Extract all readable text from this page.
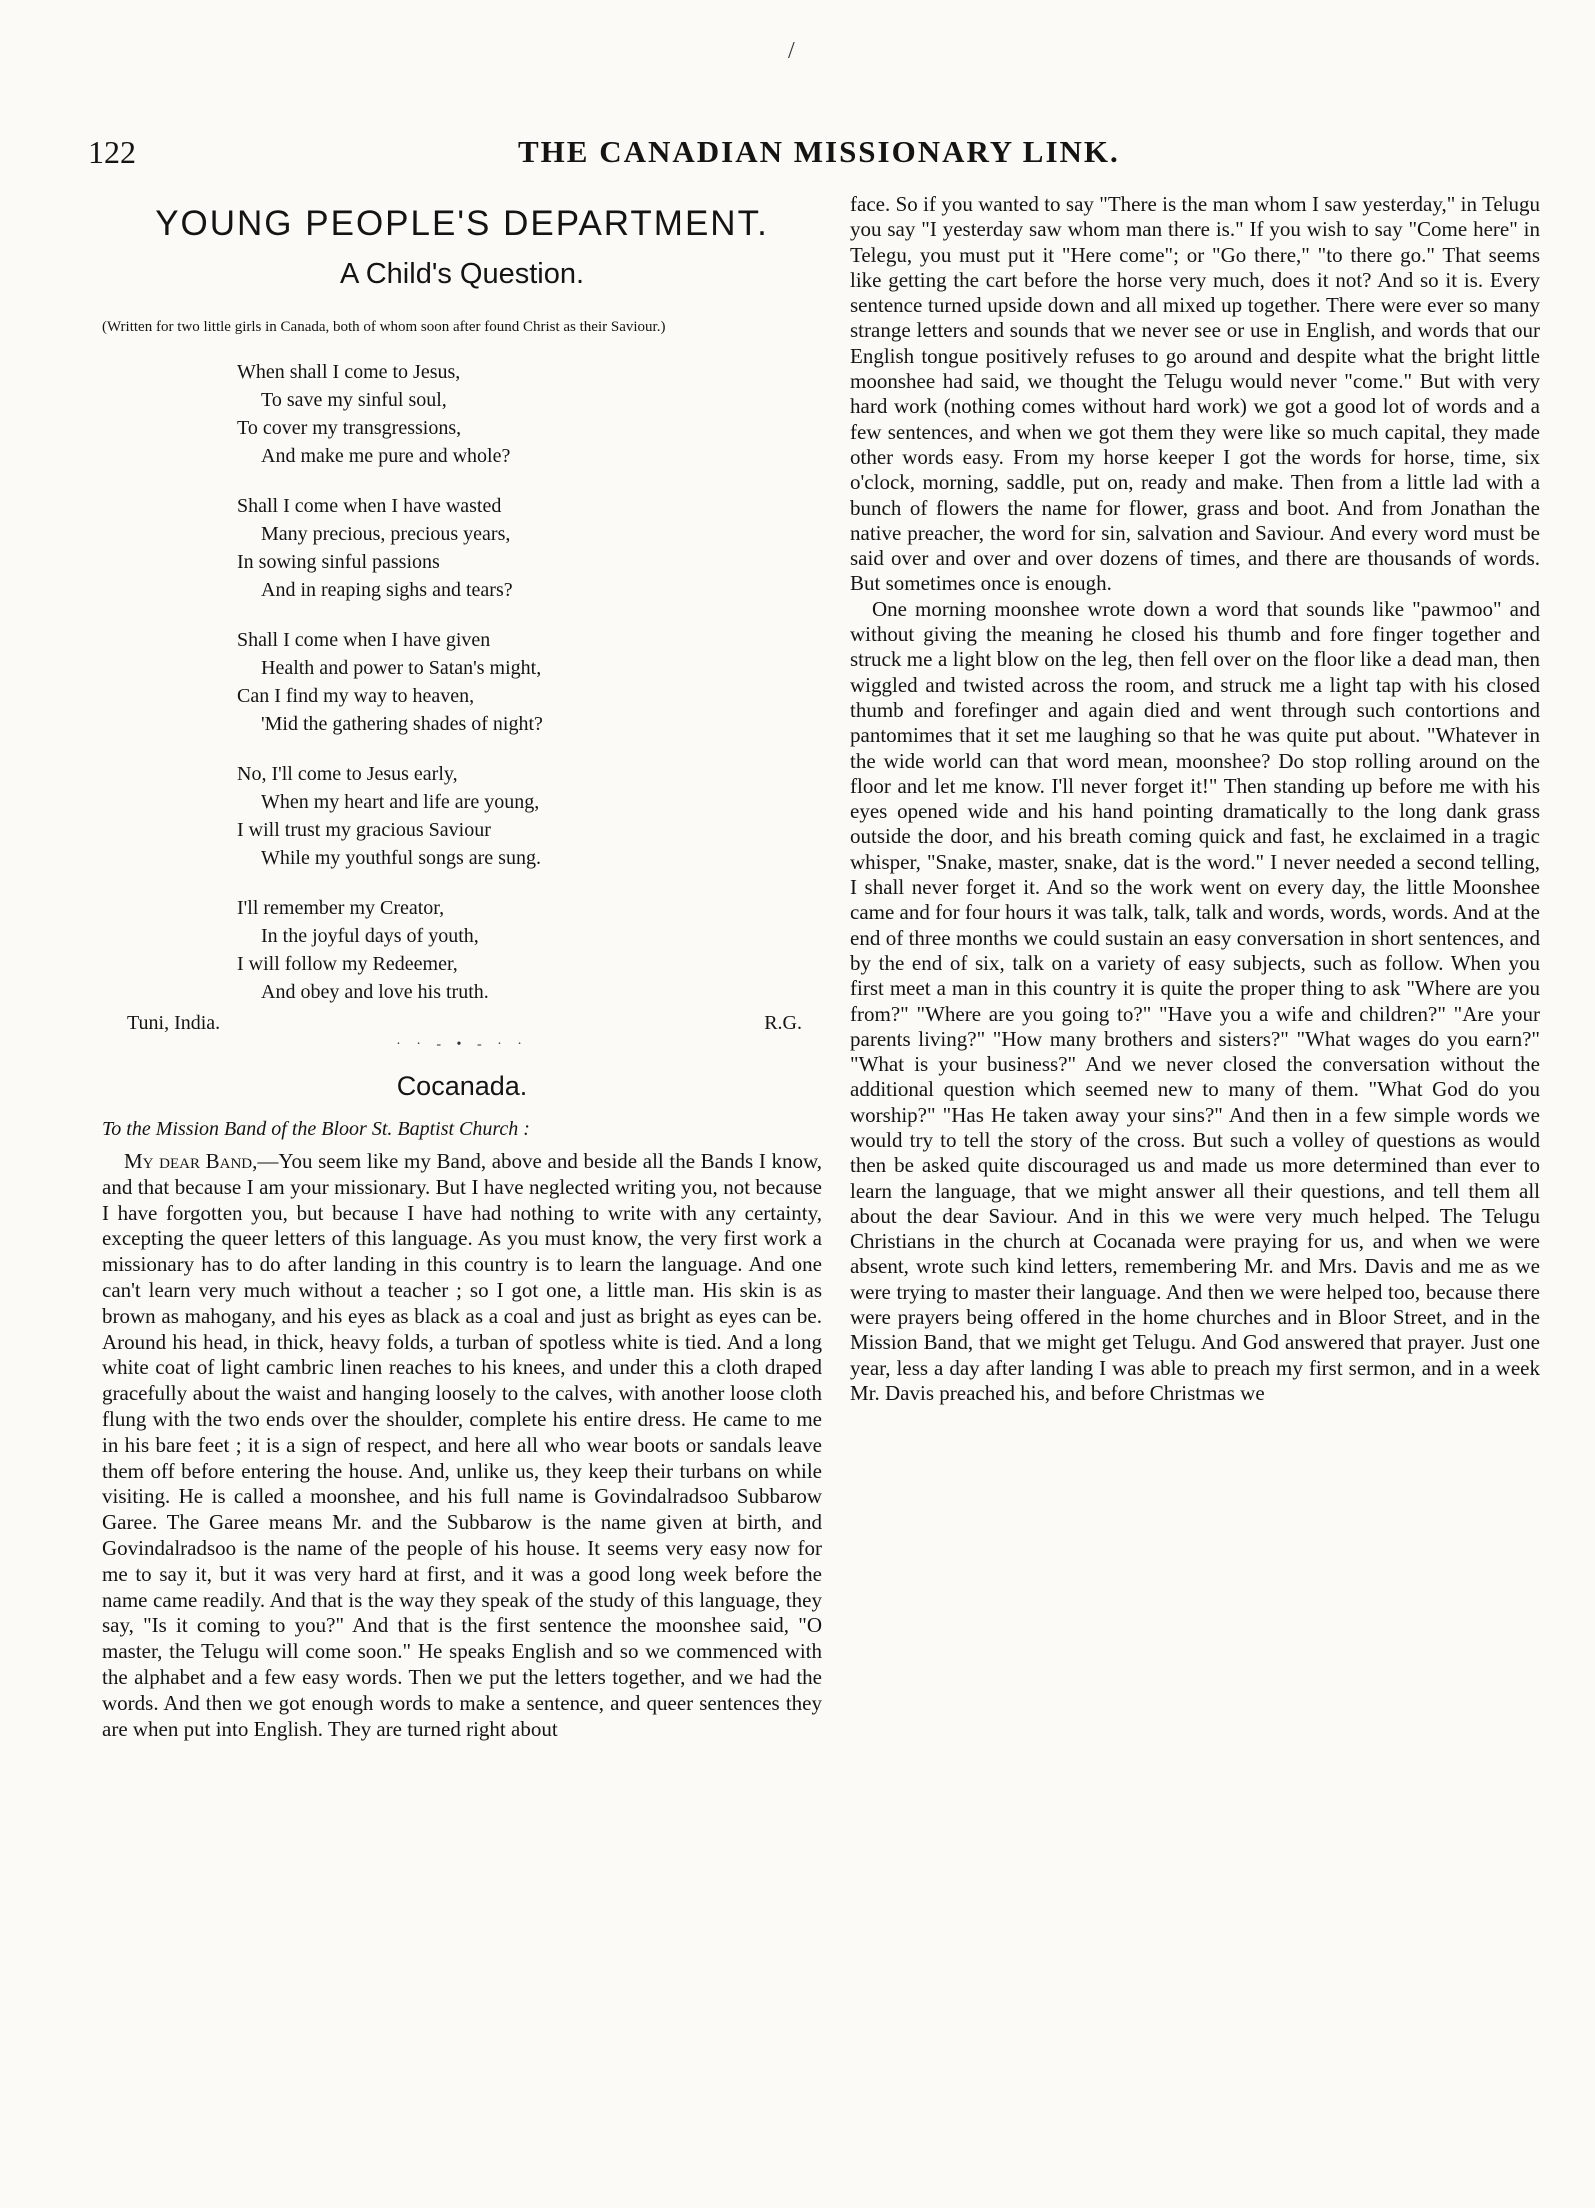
/
122	THE CANADIAN MISSIONARY LINK.
YOUNG PEOPLE'S DEPARTMENT.
A Child's Question.

(Written for two little girls in Canada, both of whom soon after found Christ as their Saviour.)

When shall I come to Jesus,

To save my sinful soul,

To cover my transgressions,

And make me pure and whole?

Shall I come when I have wasted

Many precious, precious years,

In sowing sinful passions

And in reaping sighs and tears?

Shall I come when I have given

Health and power to Satan's might,

Can I find my way to heaven,

'Mid the gathering shades of night?

No, I'll come to Jesus early,

When my heart and life are young,

I will trust my gracious Saviour

While my youthful songs are sung.

I'll remember my Creator,

In the joyful days of youth,

I will follow my Redeemer,

And obey and love his truth.

Tuni, India.	R.G.
· · - • - · ·
Cocanada.

To the Mission Band of the Bloor St. Baptist Church :

My dear Band,—You seem like my Band, above and beside all the Bands I know, and that because I am your missionary. But I have neglected writing you, not because I have forgotten you, but because I have had nothing to write with any certainty, excepting the queer letters of this language. As you must know, the very first work a missionary has to do after landing in this country is to learn the language. And one can't learn very much without a teacher ; so I got one, a little man. His skin is as brown as mahogany, and his eyes as black as a coal and just as bright as eyes can be. Around his head, in thick, heavy folds, a turban of spotless white is tied. And a long white coat of light cambric linen reaches to his knees, and under this a cloth draped gracefully about the waist and hanging loosely to the calves, with another loose cloth flung with the two ends over the shoulder, complete his entire dress. He came to me in his bare feet ; it is a sign of respect, and here all who wear boots or sandals leave them off before entering the house. And, unlike us, they keep their turbans on while visiting. He is called a moonshee, and his full name is Govindalradsoo Subbarow Garee. The Garee means Mr. and the Subbarow is the name given at birth, and Govindalradsoo is the name of the people of his house. It seems very easy now for me to say it, but it was very hard at first, and it was a good long week before the name came readily. And that is the way they speak of the study of this language, they say, "Is it coming to you?" And that is the first sentence the moonshee said, "O master, the Telugu will come soon." He speaks English and so we commenced with the alphabet and a few easy words. Then we put the letters together, and we had the words. And then we got enough words to make a sentence, and queer sentences they are when put into English. They are turned right about

face. So if you wanted to say "There is the man whom I saw yesterday," in Telugu you say "I yesterday saw whom man there is." If you wish to say "Come here" in Telegu, you must put it "Here come"; or "Go there," "to there go." That seems like getting the cart before the horse very much, does it not? And so it is. Every sentence turned upside down and all mixed up together. There were ever so many strange letters and sounds that we never see or use in English, and words that our English tongue positively refuses to go around and despite what the bright little moonshee had said, we thought the Telugu would never "come." But with very hard work (nothing comes without hard work) we got a good lot of words and a few sentences, and when we got them they were like so much capital, they made other words easy. From my horse keeper I got the words for horse, time, six o'clock, morning, saddle, put on, ready and make. Then from a little lad with a bunch of flowers the name for flower, grass and boot. And from Jonathan the native preacher, the word for sin, salvation and Saviour. And every word must be said over and over and over dozens of times, and there are thousands of words. But sometimes once is enough.

One morning moonshee wrote down a word that sounds like "pawmoo" and without giving the meaning he closed his thumb and fore finger together and struck me a light blow on the leg, then fell over on the floor like a dead man, then wiggled and twisted across the room, and struck me a light tap with his closed thumb and forefinger and again died and went through such contortions and pantomimes that it set me laughing so that he was quite put about. "Whatever in the wide world can that word mean, moonshee? Do stop rolling around on the floor and let me know. I'll never forget it!" Then standing up before me with his eyes opened wide and his hand pointing dramatically to the long dank grass outside the door, and his breath coming quick and fast, he exclaimed in a tragic whisper, "Snake, master, snake, dat is the word." I never needed a second telling, I shall never forget it. And so the work went on every day, the little Moonshee came and for four hours it was talk, talk, talk and words, words, words. And at the end of three months we could sustain an easy conversation in short sentences, and by the end of six, talk on a variety of easy subjects, such as follow. When you first meet a man in this country it is quite the proper thing to ask "Where are you from?" "Where are you going to?" "Have you a wife and children?" "Are your parents living?" "How many brothers and sisters?" "What wages do you earn?" "What is your business?" And we never closed the conversation without the additional question which seemed new to many of them. "What God do you worship?" "Has He taken away your sins?" And then in a few simple words we would try to tell the story of the cross. But such a volley of questions as would then be asked quite discouraged us and made us more determined than ever to learn the language, that we might answer all their questions, and tell them all about the dear Saviour. And in this we were very much helped. The Telugu Christians in the church at Cocanada were praying for us, and when we were absent, wrote such kind letters, remembering Mr. and Mrs. Davis and me as we were trying to master their language. And then we were helped too, because there were prayers being offered in the home churches and in Bloor Street, and in the Mission Band, that we might get Telugu. And God answered that prayer. Just one year, less a day after landing I was able to preach my first sermon, and in a week Mr. Davis preached his, and before Christmas we
